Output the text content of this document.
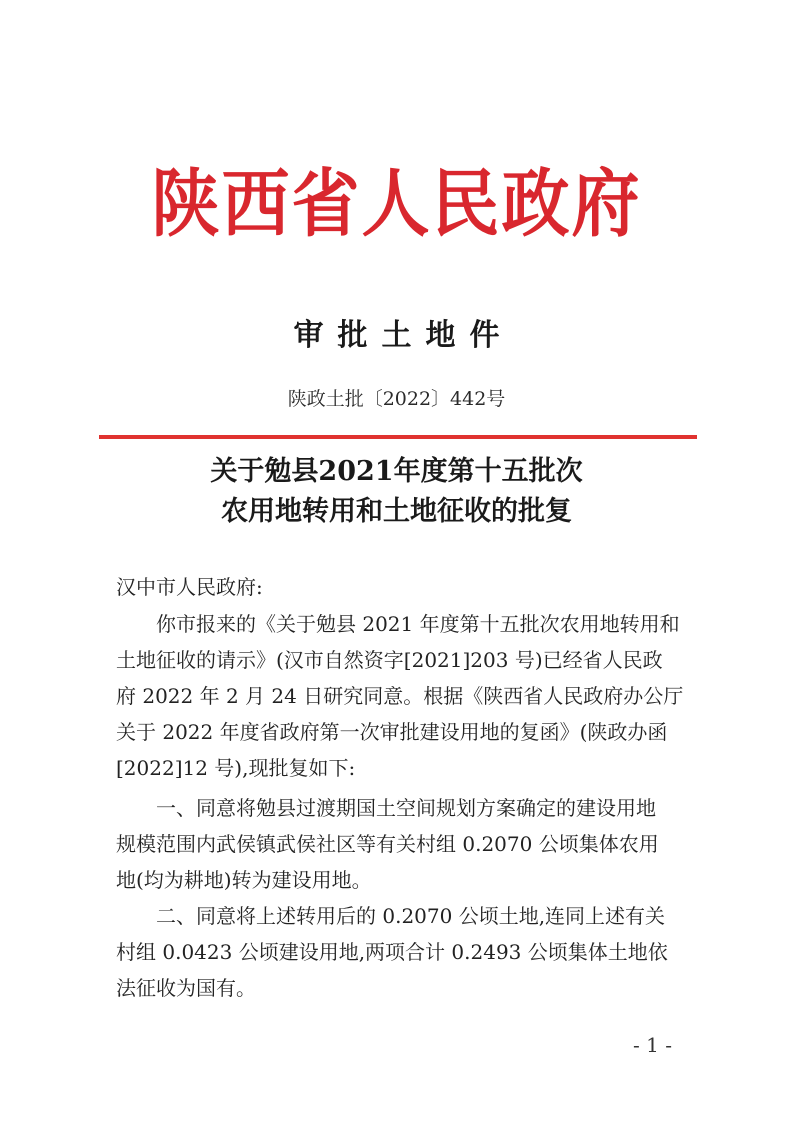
陕西省人民政府
审批土地件
陕政土批〔2022〕442号
关于勉县2021年度第十五批次
农用地转用和土地征收的批复
汉中市人民政府:
你市报来的《关于勉县 2021 年度第十五批次农用地转用和
土地征收的请示》(汉市自然资字[2021]203 号)已经省人民政
府 2022 年 2 月 24 日研究同意。根据《陕西省人民政府办公厅
关于 2022 年度省政府第一次审批建设用地的复函》(陕政办函
[2022]12 号),现批复如下:
一、同意将勉县过渡期国土空间规划方案确定的建设用地
规模范围内武侯镇武侯社区等有关村组 0.2070 公顷集体农用
地(均为耕地)转为建设用地。
二、同意将上述转用后的 0.2070 公顷土地,连同上述有关
村组 0.0423 公顷建设用地,两项合计 0.2493 公顷集体土地依
法征收为国有。
- 1 -
